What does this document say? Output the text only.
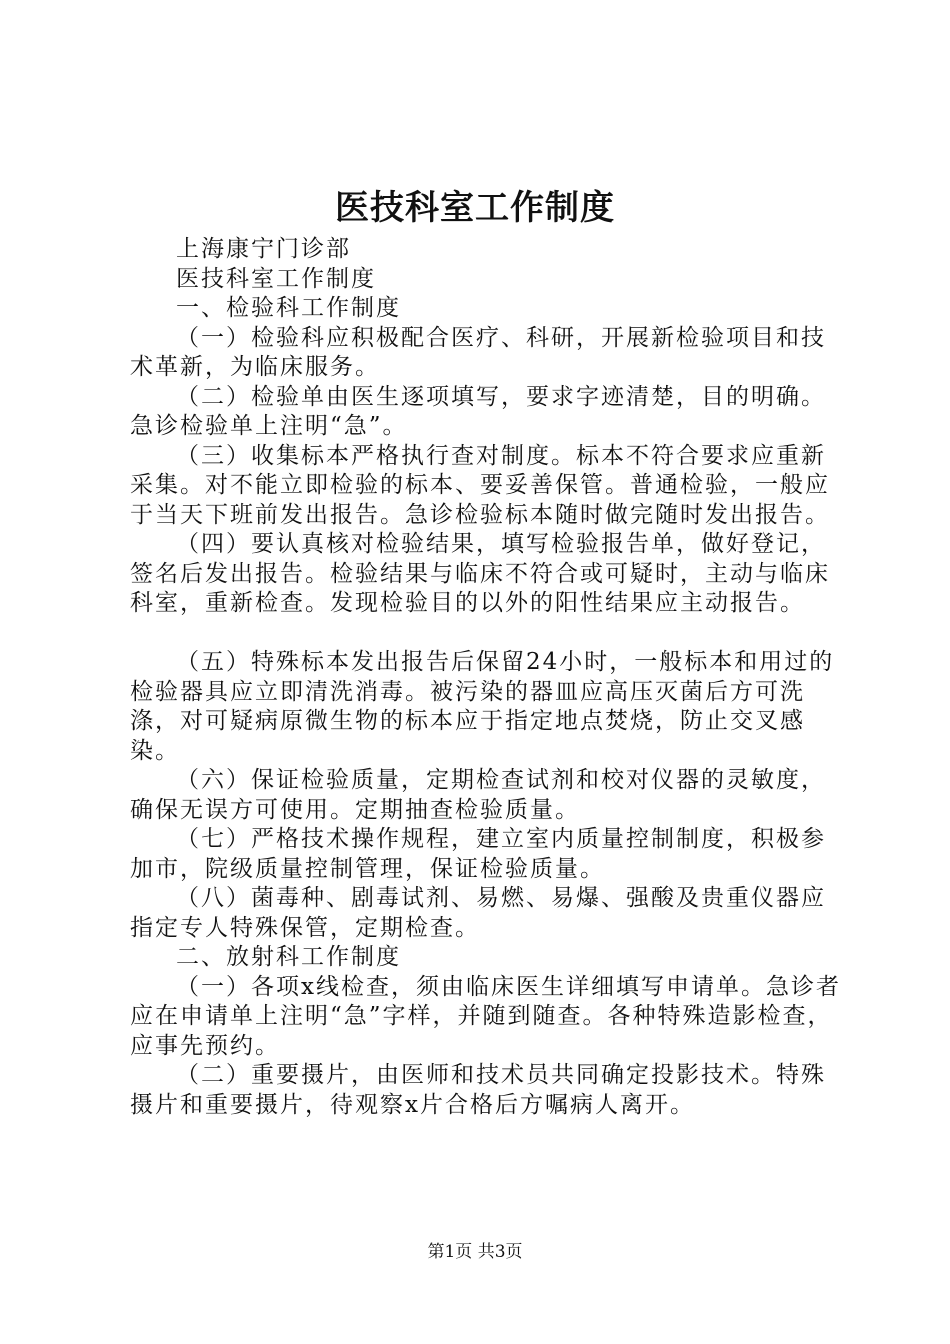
医技科室工作制度

上海康宁门诊部

医技科室工作制度

一、检验科工作制度

（一）检验科应积极配合医疗、科研，开展新检验项目和技术革新，为临床服务。

（二）检验单由医生逐项填写，要求字迹清楚，目的明确。急诊检验单上注明“急”。

（三）收集标本严格执行查对制度。标本不符合要求应重新采集。对不能立即检验的标本、要妥善保管。普通检验，一般应于当天下班前发出报告。急诊检验标本随时做完随时发出报告。

（四）要认真核对检验结果，填写检验报告单，做好登记，签名后发出报告。检验结果与临床不符合或可疑时，主动与临床科室，重新检查。发现检验目的以外的阳性结果应主动报告。

（五）特殊标本发出报告后保留24小时，一般标本和用过的检验器具应立即清洗消毒。被污染的器皿应高压灭菌后方可洗涤，对可疑病原微生物的标本应于指定地点焚烧，防止交叉感染。

（六）保证检验质量，定期检查试剂和校对仪器的灵敏度，确保无误方可使用。定期抽查检验质量。

（七）严格技术操作规程，建立室内质量控制制度，积极参加市，院级质量控制管理，保证检验质量。

（八）菌毒种、剧毒试剂、易燃、易爆、强酸及贵重仪器应指定专人特殊保管，定期检查。

二、放射科工作制度

（一）各项x线检查，须由临床医生详细填写申请单。急诊者应在申请单上注明“急”字样，并随到随查。各种特殊造影检查，应事先预约。

（二）重要摄片，由医师和技术员共同确定投影技术。特殊摄片和重要摄片，待观察x片合格后方嘱病人离开。

第1页 共3页
